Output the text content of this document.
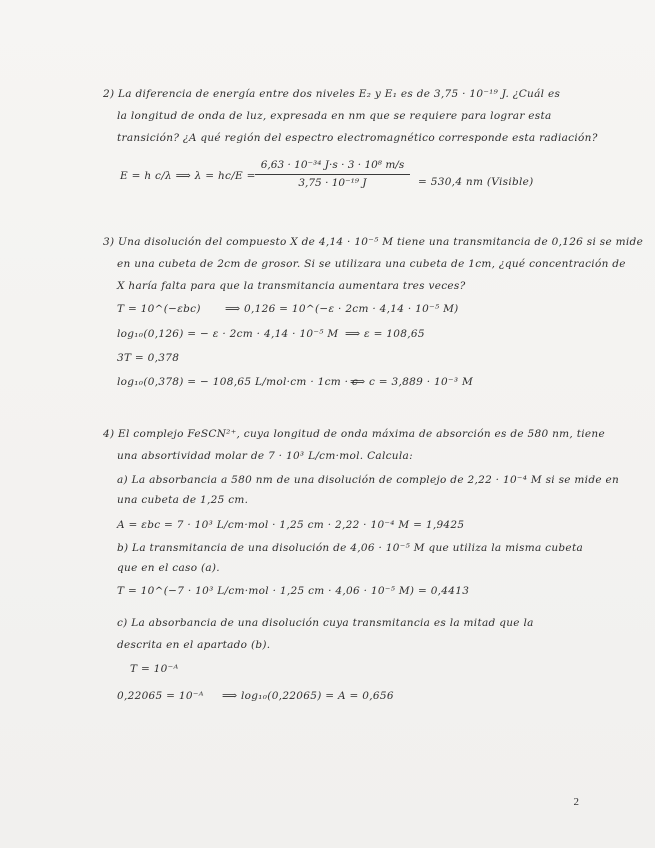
2) La diferencia de energía entre dos niveles E₂ y E₁ es de 3,75 · 10⁻¹⁹ J. ¿Cuál es
la longitud de onda de luz, expresada en nm que se requiere para lograr esta
transición? ¿A qué región del espectro electromagnético corresponde esta radiación?
E = h c/λ ⟹ λ = hc/E =
6,63 · 10⁻³⁴ J·s · 3 · 10⁸ m/s
3,75 · 10⁻¹⁹ J	= 530,4 nm (Visible)
3) Una disolución del compuesto X de 4,14 · 10⁻⁵ M tiene una transmitancia de 0,126 si se mide
en una cubeta de 2cm de grosor. Si se utilizara una cubeta de 1cm, ¿qué concentración de
X haría falta para que la transmitancia aumentara tres veces?
T = 10^(−εbc) ⟹ 0,126 = 10^(−ε · 2cm · 4,14 · 10⁻⁵ M)
log₁₀(0,126) = − ε · 2cm · 4,14 · 10⁻⁵ M ⟹ ε = 108,65
3T = 0,378
log₁₀(0,378) = − 108,65 L/mol·cm · 1cm · c
⟹ c = 3,889 · 10⁻³ M
4) El complejo FeSCN²⁺, cuya longitud de onda máxima de absorción es de 580 nm, tiene
una absortividad molar de 7 · 10³ L/cm·mol. Calcula:
a) La absorbancia a 580 nm de una disolución de complejo de 2,22 · 10⁻⁴ M si se mide en
una cubeta de 1,25 cm.
A = εbc = 7 · 10³ L/cm·mol · 1,25 cm · 2,22 · 10⁻⁴ M = 1,9425
b) La transmitancia de una disolución de 4,06 · 10⁻⁵ M que utiliza la misma cubeta
que en el caso (a).
T = 10^(−7 · 10³ L/cm·mol · 1,25 cm · 4,06 · 10⁻⁵ M) = 0,4413
c) La absorbancia de una disolución cuya transmitancia es la mitad que la
descrita en el apartado (b).
T = 10⁻ᴬ
0,22065 = 10⁻ᴬ ⟹ log₁₀(0,22065) = A = 0,656
2
